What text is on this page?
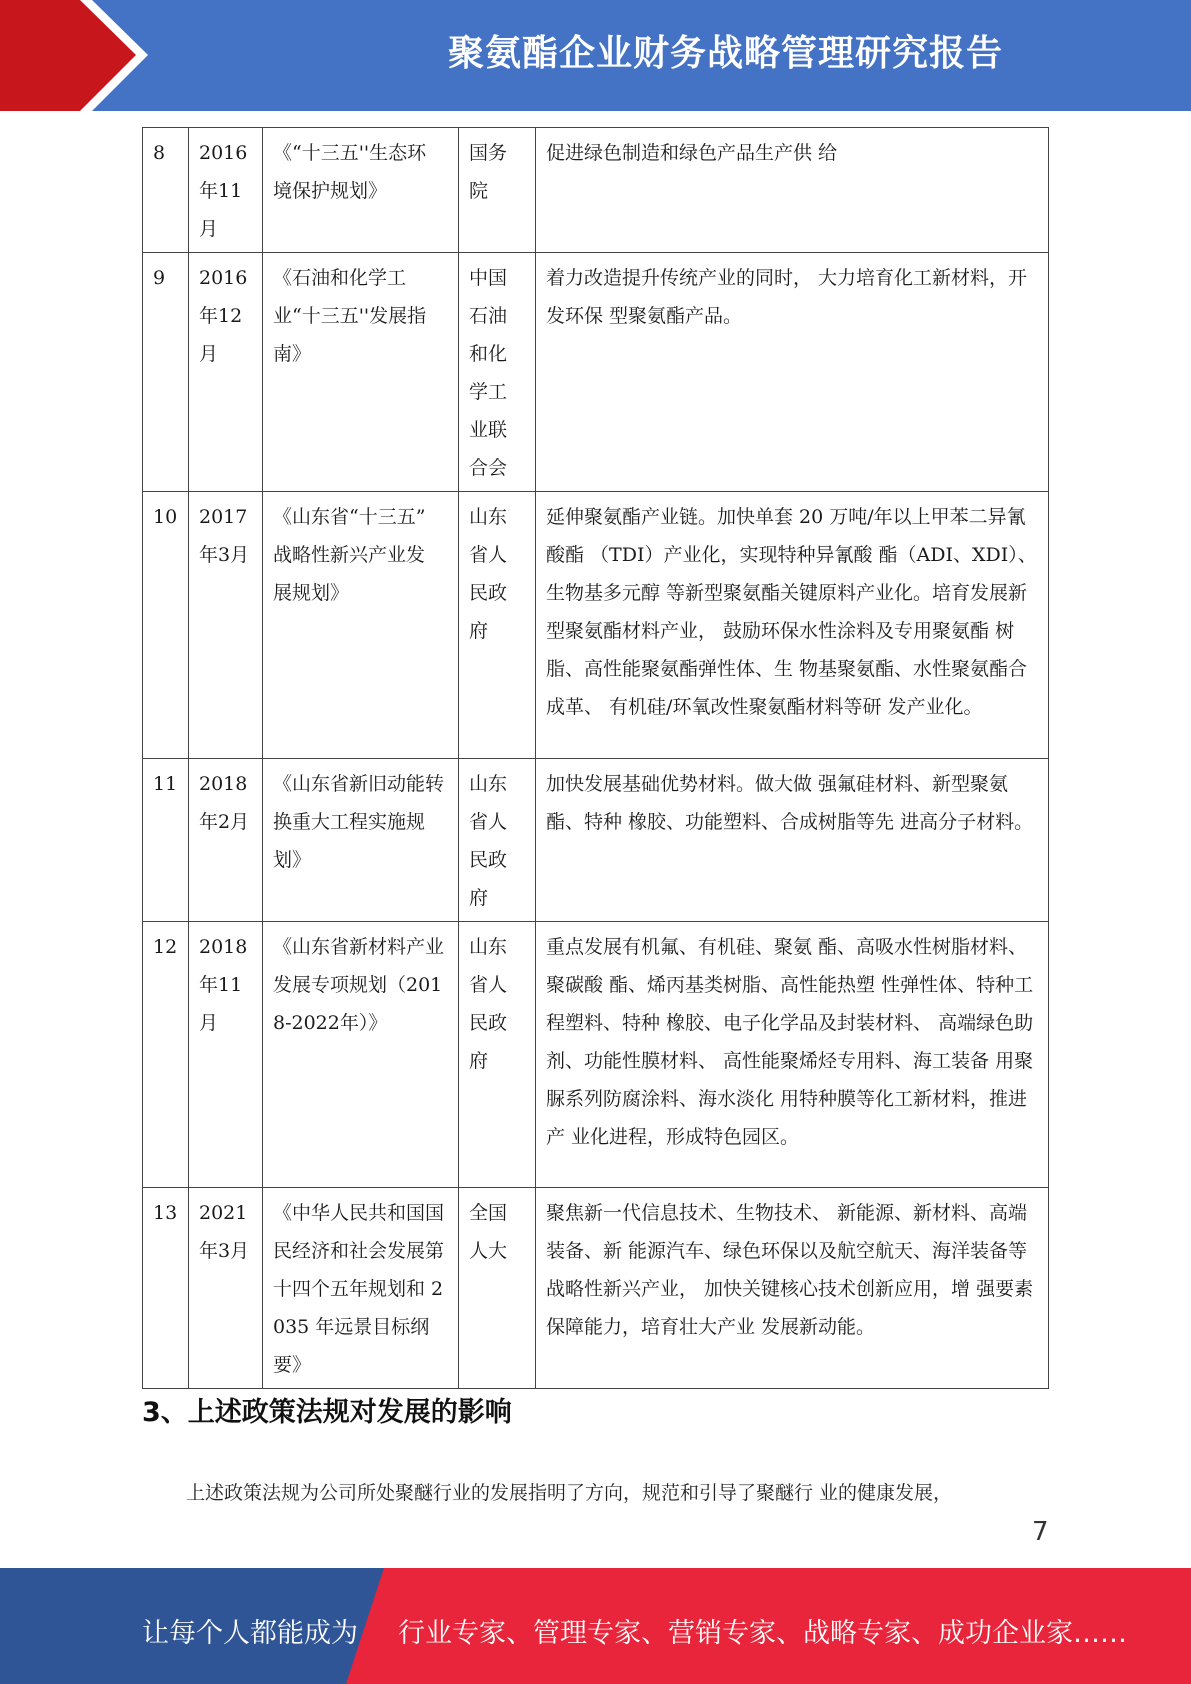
聚氨酯企业财务战略管理研究报告
8	2016年11月	《“十三五''生态环 境保护规划》	国务院	促进绿色制造和绿色产品生产供 给
9	2016年12月	《石油和化学工业“十三五''发展指南》	中国石油和化学工业联合会	着力改造提升传统产业的同时， 大力培育化工新材料，开发环保 型聚氨酯产品。
10	2017年3月	《山东省“十三五” 战略性新兴产业发 展规划》	山东省人民政府	延伸聚氨酯产业链。加快单套 20 万吨/年以上甲苯二异氰酸酯 （TDI）产业化，实现特种异氰酸 酯（ADI、XDI）、生物基多元醇 等新型聚氨酯关键原料产业化。培育发展新型聚氨酯材料产业， 鼓励环保水性涂料及专用聚氨酯 树脂、高性能聚氨酯弹性体、生 物基聚氨酯、水性聚氨酯合成革、 有机硅/环氧改性聚氨酯材料等研 发产业化。
11	2018年2月	《山东省新旧动能转换重大工程实施规划》	山东省人民政府	加快发展基础优势材料。做大做 强氟硅材料、新型聚氨酯、特种 橡胶、功能塑料、合成树脂等先 进高分子材料。
12	2018年11月	《山东省新材料产业发展专项规划（2018-2022年）》	山东省人民政府	重点发展有机氟、有机硅、聚氨 酯、高吸水性树脂材料、聚碳酸 酯、烯丙基类树脂、高性能热塑 性弹性体、特种工程塑料、特种 橡胶、电子化学品及封装材料、 高端绿色助剂、功能性膜材料、 高性能聚烯烃专用料、海工装备 用聚脲系列防腐涂料、海水淡化 用特种膜等化工新材料，推进产 业化进程，形成特色园区。
13	2021年3月	《中华人民共和国国民经济和社会发展第十四个五年规划和 2035 年远景目标纲要》	全国人大	聚焦新一代信息技术、生物技术、 新能源、新材料、高端装备、新 能源汽车、绿色环保以及航空航天、海洋装备等战略性新兴产业， 加快关键核心技术创新应用，增 强要素保障能力，培育壮大产业 发展新动能。
3、上述政策法规对发展的影响

上述政策法规为公司所处聚醚行业的发展指明了方向，规范和引导了聚醚行 业的健康发展，

7
让每个人都能成为 行业专家、管理专家、营销专家、战略专家、成功企业家……
